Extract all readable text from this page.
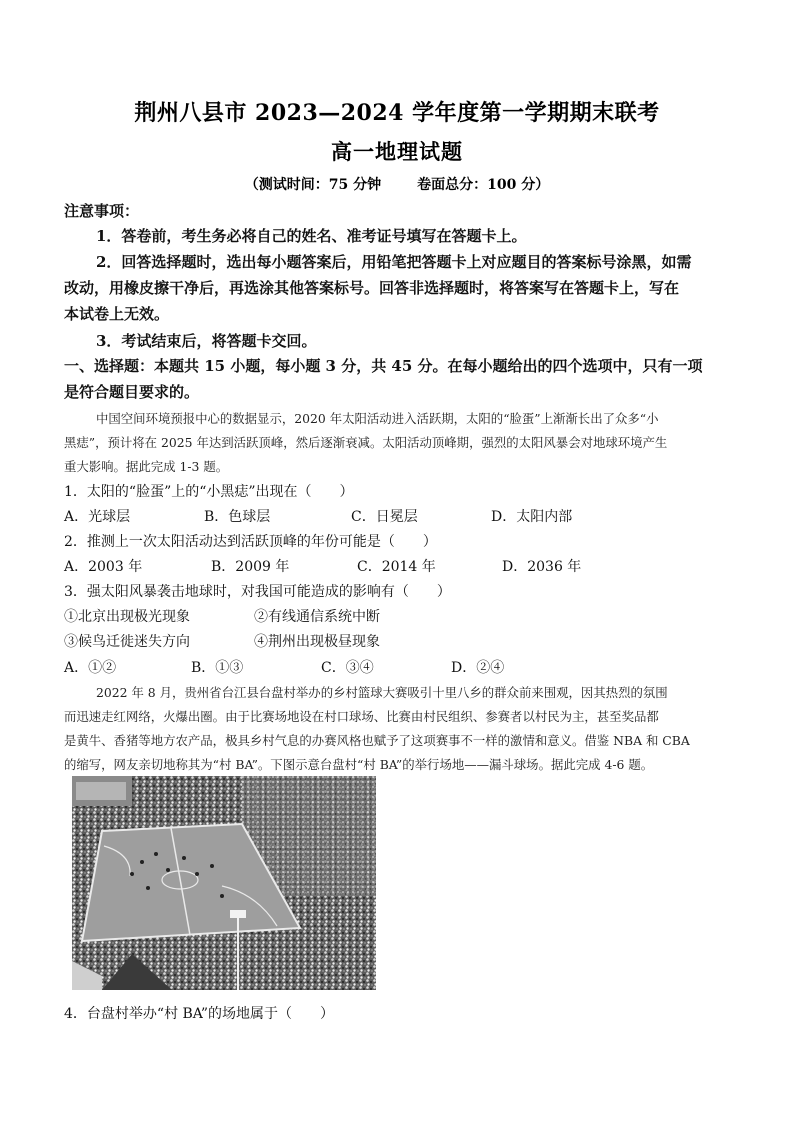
荆州八县市 2023—2024 学年度第一学期期末联考
高一地理试题
（测试时间：75 分钟	卷面总分：100 分）
注意事项：
1．答卷前，考生务必将自己的姓名、准考证号填写在答题卡上。
2．回答选择题时，选出每小题答案后，用铅笔把答题卡上对应题目的答案标号涂黑，如需
改动，用橡皮擦干净后，再选涂其他答案标号。回答非选择题时，将答案写在答题卡上，写在
本试卷上无效。
3．考试结束后，将答题卡交回。
一、选择题：本题共 15 小题，每小题 3 分，共 45 分。在每小题给出的四个选项中，只有一项
是符合题目要求的。
中国空间环境预报中心的数据显示，2020 年太阳活动进入活跃期，太阳的“脸蛋”上渐渐长出了众多“小
黑痣”，预计将在 2025 年达到活跃顶峰，然后逐渐衰减。太阳活动顶峰期，强烈的太阳风暴会对地球环境产生
重大影响。据此完成 1-3 题。
1．太阳的“脸蛋”上的“小黑痣”出现在（　　）
A．光球层	B．色球层	C．日冕层	D．太阳内部
2．推测上一次太阳活动达到活跃顶峰的年份可能是（　　）
A．2003 年	B．2009 年	C．2014 年	D．2036 年
3．强太阳风暴袭击地球时，对我国可能造成的影响有（　　）
①北京出现极光现象	②有线通信系统中断
③候鸟迁徙迷失方向	④荆州出现极昼现象
A．①②	B．①③	C．③④	D．②④
2022 年 8 月，贵州省台江县台盘村举办的乡村篮球大赛吸引十里八乡的群众前来围观，因其热烈的氛围
而迅速走红网络，火爆出圈。由于比赛场地设在村口球场、比赛由村民组织、参赛者以村民为主，甚至奖品都
是黄牛、香猪等地方农产品，极具乡村气息的办赛风格也赋予了这项赛事不一样的激情和意义。借鉴 NBA 和 CBA
的缩写，网友亲切地称其为“村 BA”。下图示意台盘村“村 BA”的举行场地——漏斗球场。据此完成 4-6 题。
4．台盘村举办“村 BA”的场地属于（　　）
